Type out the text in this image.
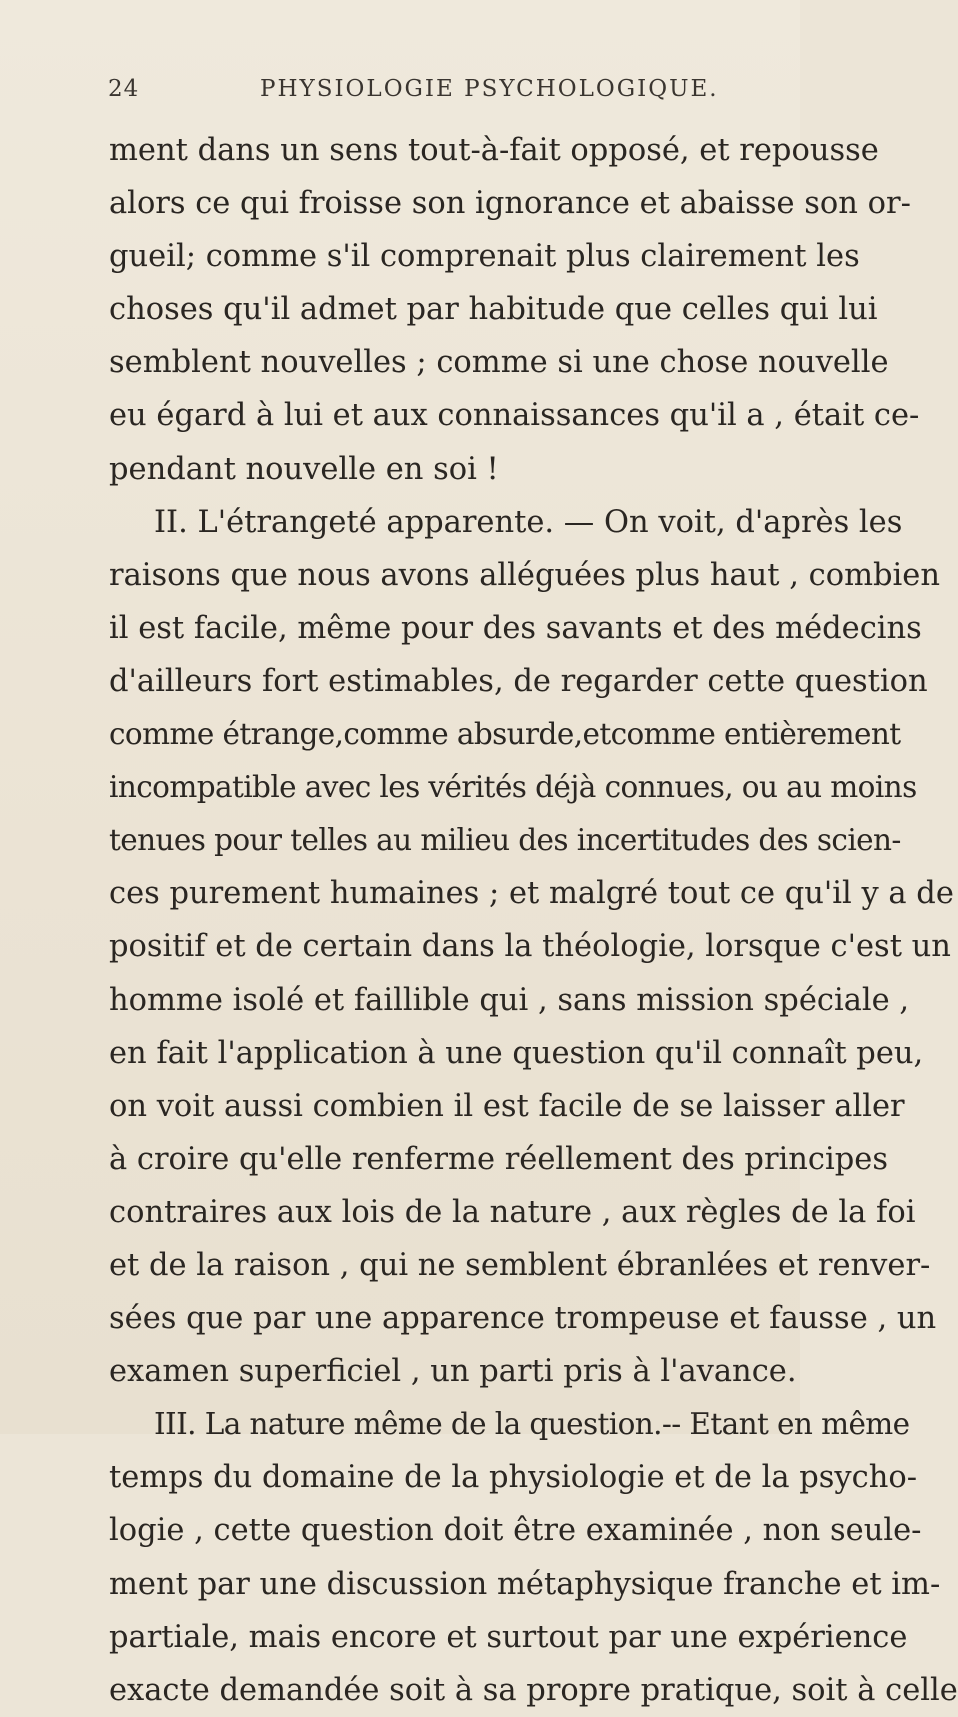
24	PHYSIOLOGIE PSYCHOLOGIQUE.
ment dans un sens tout-à-fait opposé, et repousse
alors ce qui froisse son ignorance et abaisse son or-
gueil; comme s'il comprenait plus clairement les
choses qu'il admet par habitude que celles qui lui
semblent nouvelles ; comme si une chose nouvelle
eu égard à lui et aux connaissances qu'il a , était ce-
pendant nouvelle en soi !
II. L'étrangeté apparente. — On voit, d'après les
raisons que nous avons alléguées plus haut , combien
il est facile, même pour des savants et des médecins
d'ailleurs fort estimables, de regarder cette question
comme étrange,comme absurde,etcomme entièrement
incompatible avec les vérités déjà connues, ou au moins
tenues pour telles au milieu des incertitudes des scien-
ces purement humaines ; et malgré tout ce qu'il y a de
positif et de certain dans la théologie, lorsque c'est un
homme isolé et faillible qui , sans mission spéciale ,
en fait l'application à une question qu'il connaît peu,
on voit aussi combien il est facile de se laisser aller
à croire qu'elle renferme réellement des principes
contraires aux lois de la nature , aux règles de la foi
et de la raison , qui ne semblent ébranlées et renver-
sées que par une apparence trompeuse et fausse , un
examen superficiel , un parti pris à l'avance.
III. La nature même de la question.-- Etant en même
temps du domaine de la physiologie et de la psycho-
logie , cette question doit être examinée , non seule-
ment par une discussion métaphysique franche et im-
partiale, mais encore et surtout par une expérience
exacte demandée soit à sa propre pratique, soit à celle
